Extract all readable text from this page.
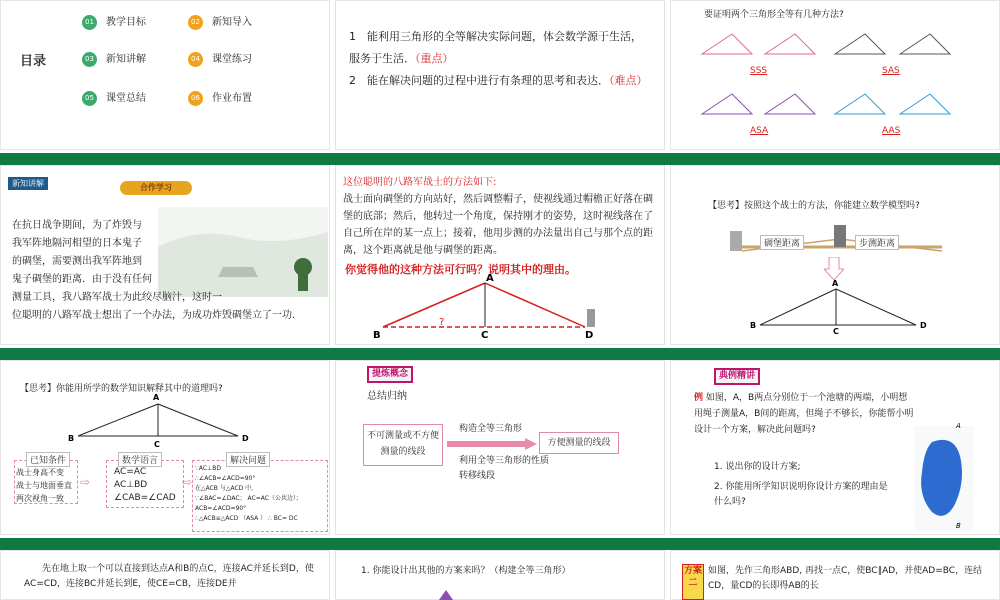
目录
01	教学目标	02	新知导入
03	新知讲解	04	课堂练习
05	课堂总结	06	作业布置
1　能利用三角形的全等解决实际问题，体会数学源于生活，服务于生活．（重点）
2　能在解决问题的过程中进行有条理的思考和表达．（难点）
要证明两个三角形全等有几种方法?
SSS	SAS
ASA	AAS
新知讲解	合作学习
在抗日战争期间，为了炸毁与
我军阵地隔河相望的日本鬼子
的碉堡，需要测出我军阵地到
鬼子碉堡的距离．由于没有任何
测量工具，我八路军战士为此绞尽脑汁，这时一
位聪明的八路军战士想出了一个办法，为成功炸毁碉堡立了一功．
这位聪明的八路军战士的方法如下:
战士面向碉堡的方向站好，然后调整帽子，使视线通过帽檐正好落在碉堡的底部；然后，他转过一个角度，保持刚才的姿势，这时视线落在了自己所在岸的某一点上；接着，他用步测的办法量出自己与那个点的距离，这个距离就是他与碉堡的距离。
你觉得他的这种方法可行吗？说明其中的理由。
B
A
C	D
?
【思考】按照这个战士的方法，你能建立数学模型吗?
碉堡距离	步测距离
A
B
C
D
【思考】你能用所学的数学知识解释其中的道理吗?
A
B
C
D
已知条件
战士身高不变
战士与地面垂直
两次视角一致
数学语言
AC=AC
AC⊥BD
∠CAB=∠CAD
解决问题
∵AC⊥BD
∴∠ACB=∠ACD=90°
在△ACB 与△ACD 中,
∵∠BAC=∠DAC； AC=AC（公共边）；
ACB=∠ACD=90°
∴△ACB≌△ACD （ASA ） ∴ BC= DC
⇨	⇨
提炼概念
总结归纳
不可测量或不方便测量的线段
构造全等三角形
利用全等三角形的性质转移线段
方便测量的线段
典例精讲
例 如图，A，B两点分别位于一个池塘的两端，小明想用绳子测量A，B间的距离，但绳子不够长，你能帮小明设计一个方案，解决此问题吗?
1. 说出你的设计方案;
2. 你能用所学知识说明你设计方案的理由是什么吗?
A
B
先在地上取一个可以直接到达点A和B的点C，连接AC并延长到D，使AC=CD，连接BC并延长到E，使CE=CB，连接DE并
1. 你能设计出其他的方案来吗？（构建全等三角形）	方案二
如图，先作三角形ABD, 再找一点C，使BC∥AD，并使AD=BC，连结CD，量CD的长即得AB的长
